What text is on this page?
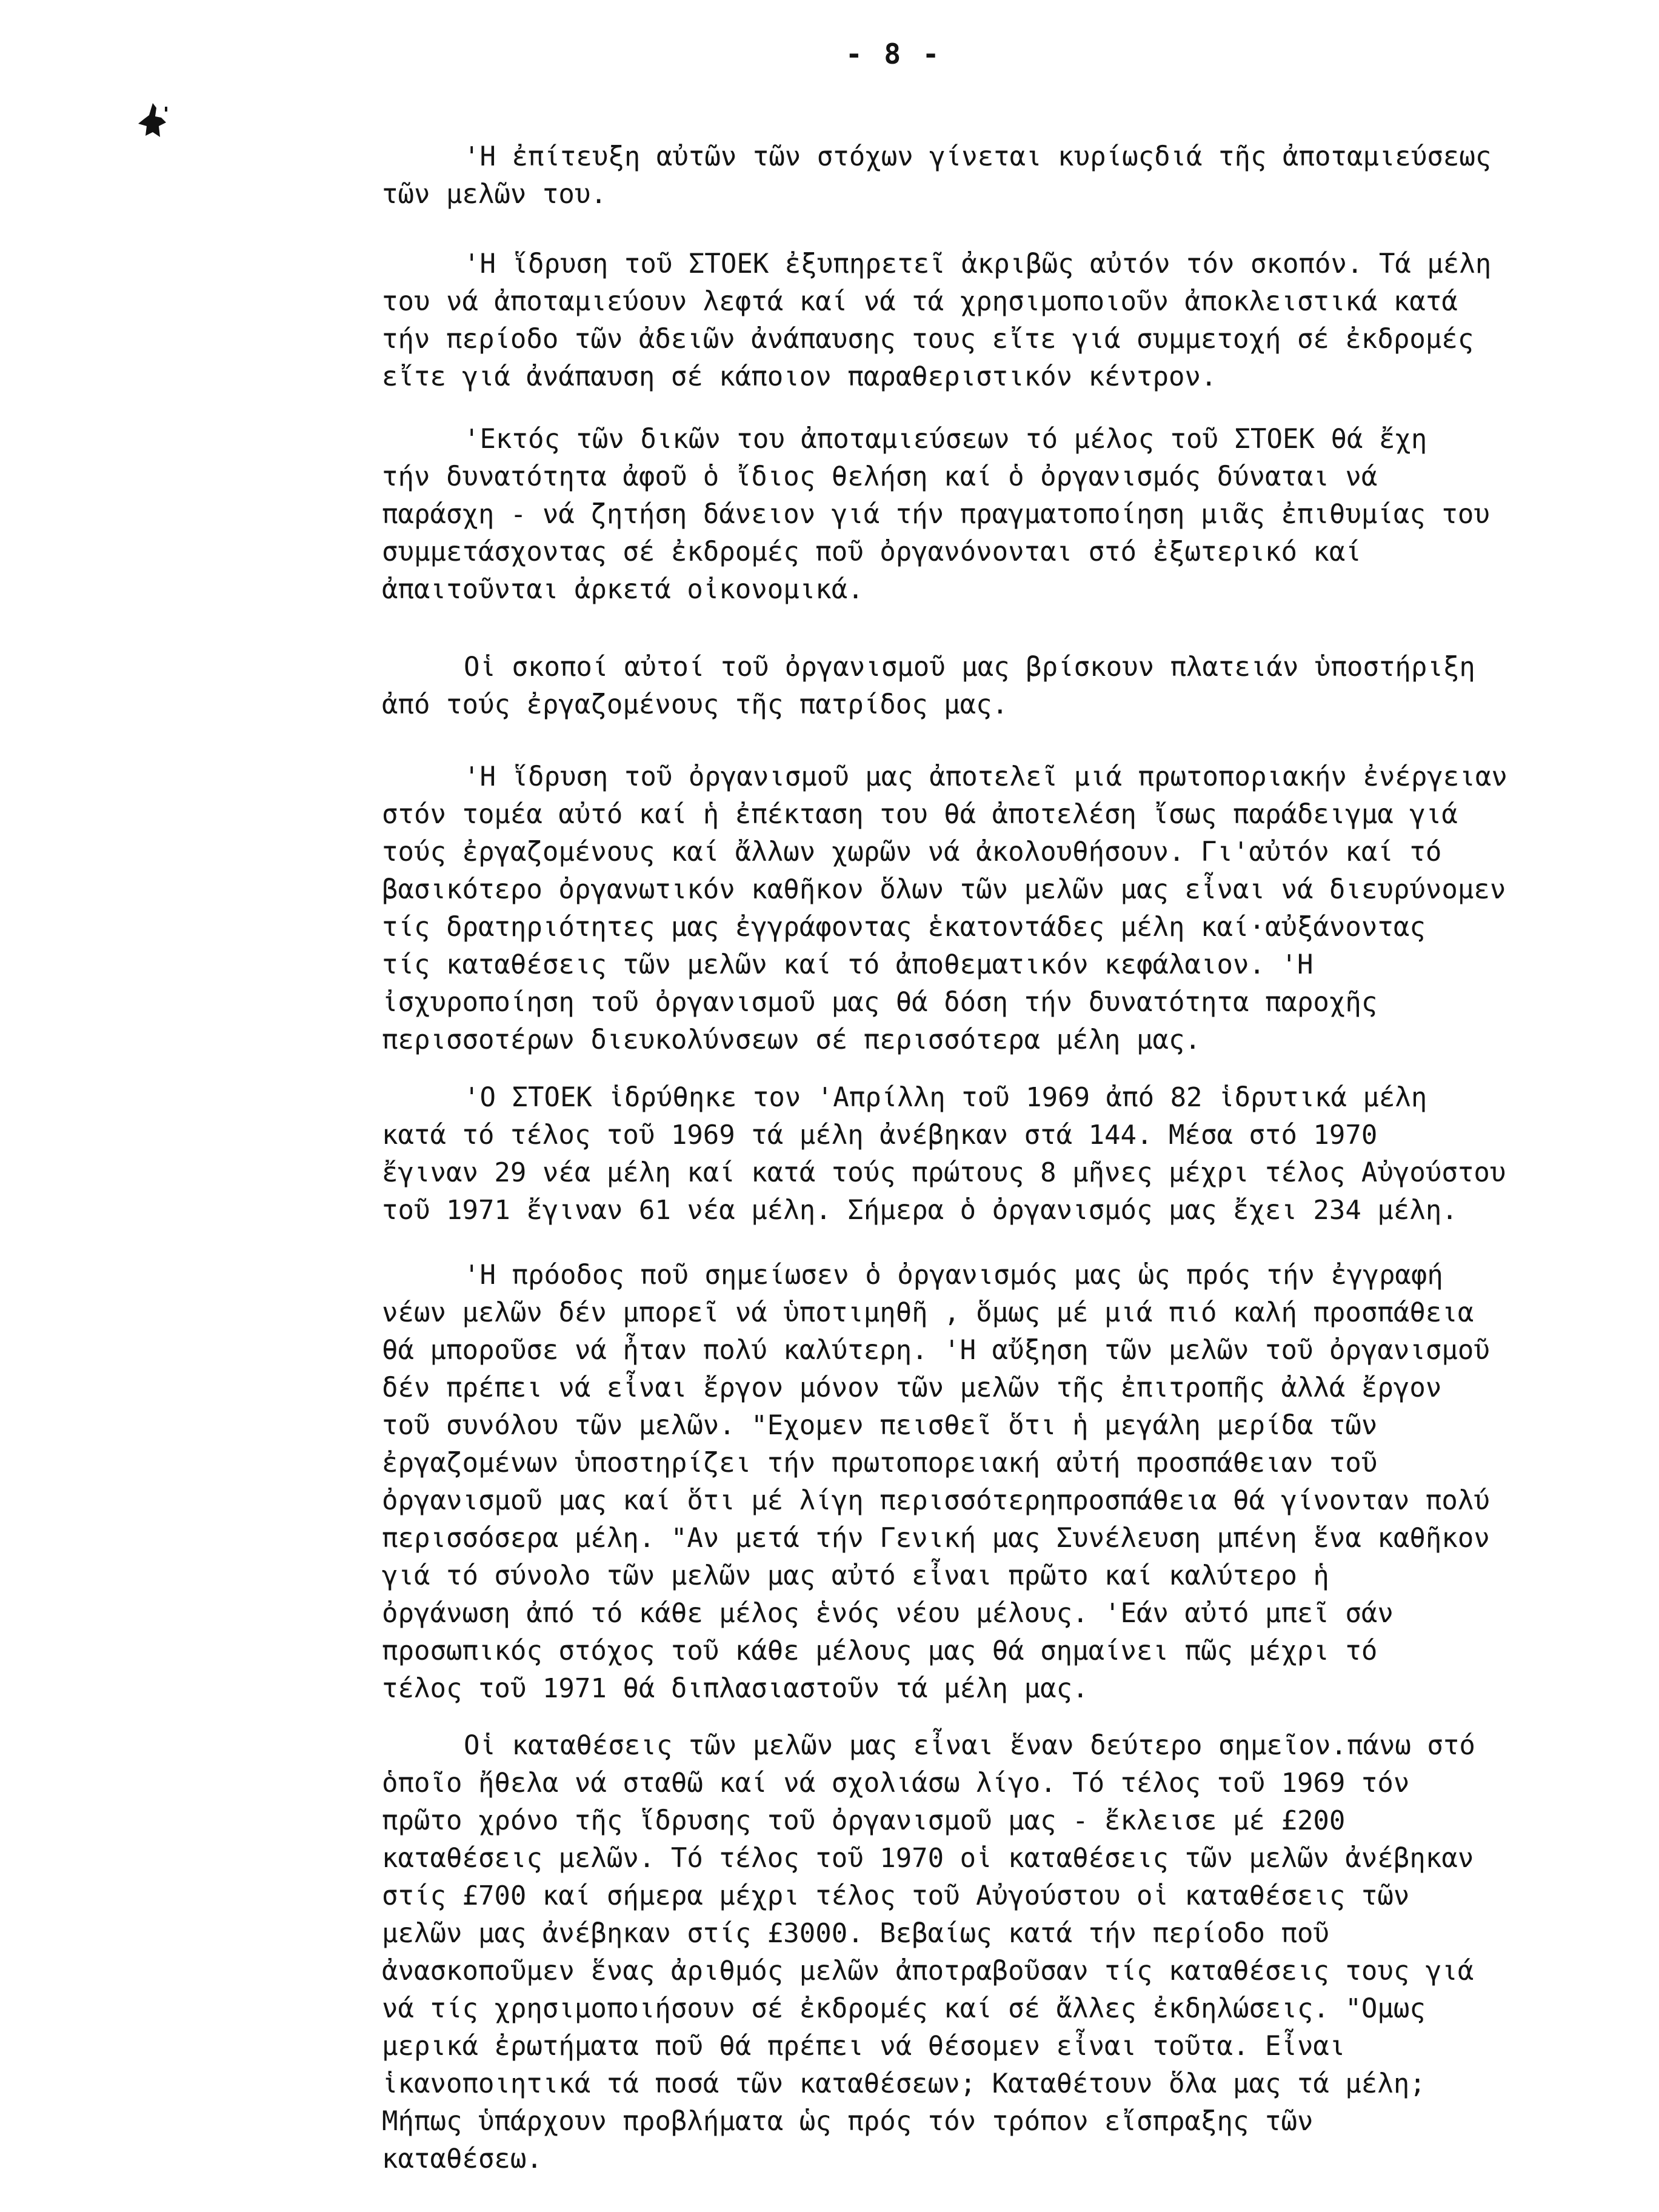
- 8 -
'Η ἐπίτευξη αὐτῶν τῶν στόχων γίνεται κυρίωςδιά τῆς ἀποταμιεύσεως
τῶν μελῶν του.
'Η ἵδρυση τοῦ ΣΤΟΕΚ ἐξυπηρετεῖ ἀκριβῶς αὐτόν τόν σκοπόν. Τά μέλη
του νά ἀποταμιεύουν λεφτά καί νά τά χρησιμοποιοῦν ἀποκλειστικά κατά
τήν περίοδο τῶν ἀδειῶν ἀνάπαυσης τους εἴτε γιά συμμετοχή σέ ἐκδρομές
εἴτε γιά ἀνάπαυση σέ κάποιον παραθεριστικόν κέντρον.
'Εκτός τῶν δικῶν του ἀποταμιεύσεων τό μέλος τοῦ ΣΤΟΕΚ θά ἔχη
τήν δυνατότητα ἀφοῦ ὁ ἴδιος θελήση καί ὁ ὀργανισμός δύναται νά
παράσχη - νά ζητήση δάνειον γιά τήν πραγματοποίηση μιᾶς ἐπιθυμίας του
συμμετάσχοντας σέ ἐκδρομές ποῦ ὀργανόνονται στό ἐξωτερικό καί
ἀπαιτοῦνται ἀρκετά οἰκονομικά.
Οἱ σκοποί αὐτοί τοῦ ὀργανισμοῦ μας βρίσκουν πλατειάν ὑποστήριξη
ἀπό τούς ἐργαζομένους τῆς πατρίδος μας.
'Η ἵδρυση τοῦ ὀργανισμοῦ μας ἀποτελεῖ μιά πρωτοποριακήν ἐνέργειαν
στόν τομέα αὐτό καί ἡ ἐπέκταση του θά ἀποτελέση ἴσως παράδειγμα γιά
τούς ἐργαζομένους καί ἄλλων χωρῶν νά ἀκολουθήσουν. Γι'αὐτόν καί τό
βασικότερο ὀργανωτικόν καθῆκον ὅλων τῶν μελῶν μας εἶναι νά διευρύνομεν
τίς δρατηριότητες μας ἐγγράφοντας ἑκατοντάδες μέλη καί·αὐξάνοντας
τίς καταθέσεις τῶν μελῶν καί τό ἀποθεματικόν κεφάλαιον. 'Η
ἰσχυροποίηση τοῦ ὀργανισμοῦ μας θά δόση τήν δυνατότητα παροχῆς
περισσοτέρων διευκολύνσεων σέ περισσότερα μέλη μας.
'Ο ΣΤΟΕΚ ἱδρύθηκε τον 'Απρίλλη τοῦ 1969 ἀπό 82 ἱδρυτικά μέλη
κατά τό τέλος τοῦ 1969 τά μέλη ἀνέβηκαν στά 144. Μέσα στό 1970
ἔγιναν 29 νέα μέλη καί κατά τούς πρώτους 8 μῆνες μέχρι τέλος Αὐγούστου
τοῦ 1971 ἔγιναν 61 νέα μέλη. Σήμερα ὁ ὀργανισμός μας ἔχει 234 μέλη.
'Η πρόοδος ποῦ σημείωσεν ὁ ὀργανισμός μας ὡς πρός τήν ἐγγραφή
νέων μελῶν δέν μπορεῖ νά ὑποτιμηθῆ , ὅμως μέ μιά πιό καλή προσπάθεια
θά μποροῦσε νά ἦταν πολύ καλύτερη. 'Η αὔξηση τῶν μελῶν τοῦ ὀργανισμοῦ
δέν πρέπει νά εἶναι ἔργον μόνον τῶν μελῶν τῆς ἐπιτροπῆς ἀλλά ἔργον
τοῦ συνόλου τῶν μελῶν. "Εχομεν πεισθεῖ ὅτι ἡ μεγάλη μερίδα τῶν
ἐργαζομένων ὑποστηρίζει τήν πρωτοπορειακή αὐτή προσπάθειαν τοῦ
ὀργανισμοῦ μας καί ὅτι μέ λίγη περισσότερηπροσπάθεια θά γίνονταν πολύ
περισσόσερα μέλη. "Αν μετά τήν Γενική μας Συνέλευση μπένη ἕνα καθῆκον
γιά τό σύνολο τῶν μελῶν μας αὐτό εἶναι πρῶτο καί καλύτερο ἡ
ὀργάνωση ἀπό τό κάθε μέλος ἑνός νέου μέλους. 'Εάν αὐτό μπεῖ σάν
προσωπικός στόχος τοῦ κάθε μέλους μας θά σημαίνει πῶς μέχρι τό
τέλος τοῦ 1971 θά διπλασιαστοῦν τά μέλη μας.
Οἱ καταθέσεις τῶν μελῶν μας εἶναι ἕναν δεύτερο σημεῖον.πάνω στό
ὁποῖο ἤθελα νά σταθῶ καί νά σχολιάσω λίγο. Τό τέλος τοῦ 1969 τόν
πρῶτο χρόνο τῆς ἵδρυσης τοῦ ὀργανισμοῦ μας - ἔκλεισε μέ £200
καταθέσεις μελῶν. Τό τέλος τοῦ 1970 οἱ καταθέσεις τῶν μελῶν ἀνέβηκαν
στίς £700 καί σήμερα μέχρι τέλος τοῦ Αὐγούστου οἱ καταθέσεις τῶν
μελῶν μας ἀνέβηκαν στίς £3000. Βεβαίως κατά τήν περίοδο ποῦ
ἀνασκοποῦμεν ἕνας ἀριθμός μελῶν ἀποτραβοῦσαν τίς καταθέσεις τους γιά
νά τίς χρησιμοποιήσουν σέ ἐκδρομές καί σέ ἄλλες ἐκδηλώσεις. "Ομως
μερικά ἐρωτήματα ποῦ θά πρέπει νά θέσομεν εἶναι τοῦτα. Εἶναι
ἱκανοποιητικά τά ποσά τῶν καταθέσεων; Καταθέτουν ὅλα μας τά μέλη;
Μήπως ὑπάρχουν προβλήματα ὡς πρός τόν τρόπον εἴσπραξης τῶν
καταθέσεω.
